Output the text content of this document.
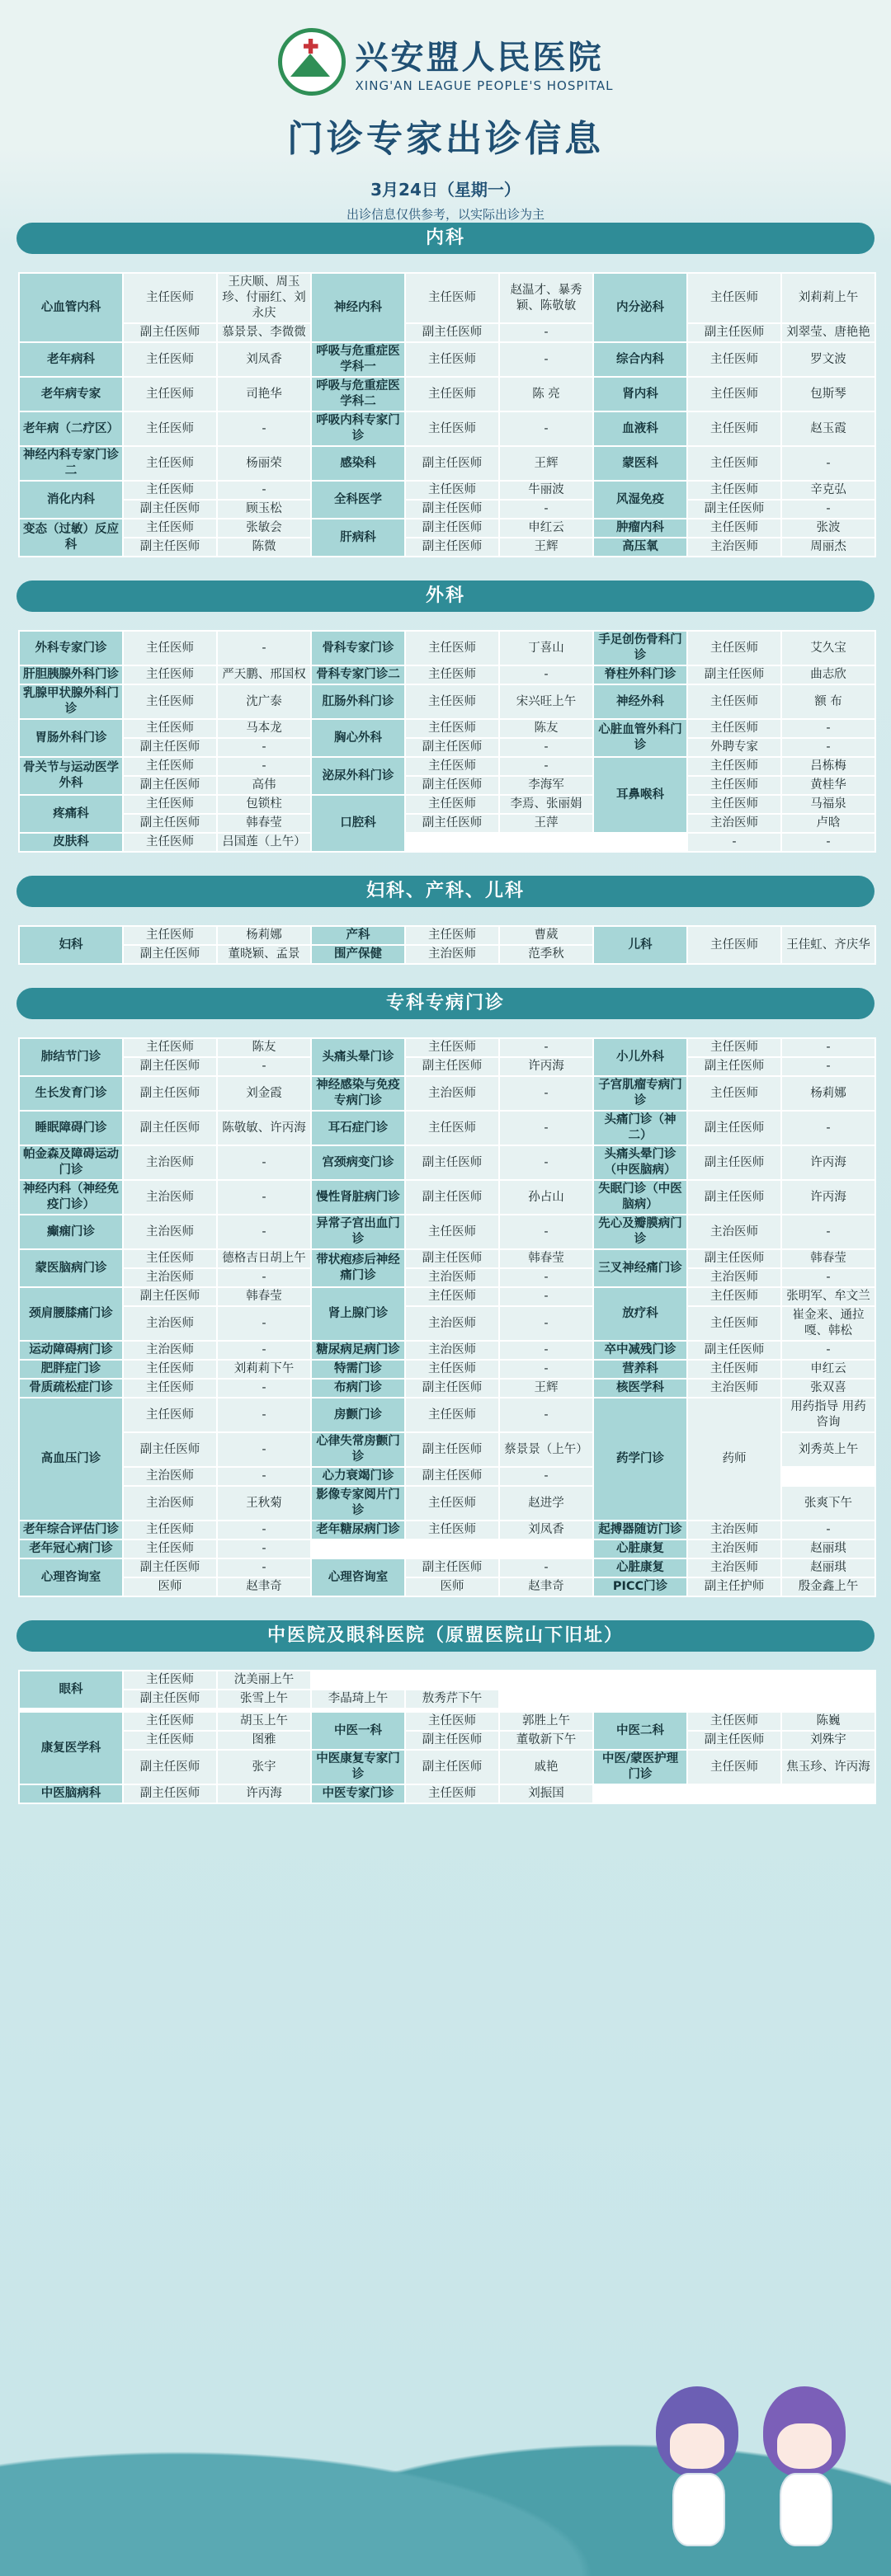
兴安盟人民医院
XING'AN LEAGUE PEOPLE'S HOSPITAL
门诊专家出诊信息
3月24日（星期一）
出诊信息仅供参考，以实际出诊为主
内科
心血管内科	主任医师	王庆顺、周玉珍、付丽红、刘永庆	神经内科	主任医师	赵温才、暴秀颖、陈敬敏	内分泌科	主任医师	刘莉莉上午
	副主任医师	慕景景、李微微		副主任医师	-		副主任医师	刘翠莹、唐艳艳
老年病科	主任医师	刘凤香	呼吸与危重症医学科一	主任医师	-	综合内科	主任医师	罗文波
老年病专家	主任医师	司艳华	呼吸与危重症医学科二	主任医师	陈 亮	肾内科	主任医师	包斯琴
老年病（二疗区）	主任医师	-	呼吸内科专家门诊	主任医师	-	血液科	主任医师	赵玉霞
神经内科专家门诊二	主任医师	杨丽荣	感染科	副主任医师	王辉	蒙医科	主任医师	-
消化内科	主任医师	-	全科医学	主任医师	牛丽波	风湿免疫	主任医师	辛克弘
	副主任医师	顾玉松		副主任医师	-		副主任医师	-
变态（过敏）反应科	主任医师	张敏会	肝病科	副主任医师	申红云	肿瘤内科	主任医师	张波
	副主任医师	陈微		副主任医师	王辉	高压氧	主治医师	周丽杰
外科
外科专家门诊	主任医师	-	骨科专家门诊	主任医师	丁喜山	手足创伤骨科门诊	主任医师	艾久宝
肝胆胰腺外科门诊	主任医师	严天鹏、邢国权	骨科专家门诊二	主任医师	-	脊柱外科门诊	副主任医师	曲志欣
乳腺甲状腺外科门诊	主任医师	沈广泰	肛肠外科门诊	主任医师	宋兴旺上午	神经外科	主任医师	额 布
胃肠外科门诊	主任医师	马本龙	胸心外科	主任医师	陈友	心脏血管外科门诊	主任医师	-
	副主任医师	-		副主任医师	-		外聘专家	-
骨关节与运动医学外科	主任医师	-	泌尿外科门诊	主任医师	-	耳鼻喉科	主任医师	吕栋梅
	副主任医师	高伟		副主任医师	李海军		主任医师	黄桂华
疼痛科	主任医师	包锁柱	口腔科	主任医师	李焉、张丽娟		主任医师	马福泉
	副主任医师	韩春莹		副主任医师	王萍		主治医师	卢晗
皮肤科	主任医师	吕国莲（上午）					-	-
妇科、产科、儿科
妇科	主任医师	杨莉娜	产科	主任医师	曹葳	儿科	主任医师	王佳虹、齐庆华
	副主任医师	董晓颖、孟景	围产保健	主治医师	范季秋			
专科专病门诊
肺结节门诊	主任医师	陈友	头痛头晕门诊	主任医师	-	小儿外科	主任医师	-
	副主任医师	-		副主任医师	许丙海		副主任医师	-
生长发育门诊	副主任医师	刘金霞	神经感染与免疫专病门诊	主治医师	-	子宫肌瘤专病门诊	主任医师	杨莉娜
睡眠障碍门诊	副主任医师	陈敬敏、许丙海	耳石症门诊	主任医师	-	头痛门诊（神二）	副主任医师	-
帕金森及障碍运动门诊	主治医师	-	宫颈病变门诊	副主任医师	-	头痛头晕门诊（中医脑病）	副主任医师	许丙海
神经内科（神经免疫门诊）	主治医师	-	慢性肾脏病门诊	副主任医师	孙占山	失眠门诊（中医脑病）	副主任医师	许丙海
癫痫门诊	主治医师	-	异常子宫出血门诊	主任医师	-	先心及瓣膜病门诊	主治医师	-
蒙医脑病门诊	主任医师	德格吉日胡上午	带状疱疹后神经痛门诊	副主任医师	韩春莹	三叉神经痛门诊	副主任医师	韩春莹
	主治医师	-		主治医师	-		主治医师	-
颈肩腰膝痛门诊	副主任医师	韩春莹	肾上腺门诊	主任医师	-	放疗科	主任医师	张明军、牟文兰
	主治医师	-		主治医师	-		主任医师	崔金来、通拉嘎、韩松
运动障碍病门诊	主治医师	-	糖尿病足病门诊	主治医师	-	卒中减残门诊	副主任医师	-
肥胖症门诊	主任医师	刘莉莉下午	特需门诊	主任医师	-	营养科	主任医师	申红云
骨质疏松症门诊	主任医师	-	布病门诊	副主任医师	王辉	核医学科	主治医师	张双喜
高血压门诊	主任医师	-	房颤门诊	主任医师	-	药学门诊	药师	用药指导 用药咨询
	副主任医师	-	心律失常房颤门诊	副主任医师	蔡景景（上午）			刘秀英上午
	主治医师	-	心力衰竭门诊	副主任医师	-			
	主治医师	王秋菊	影像专家阅片门诊	主任医师	赵进学			张爽下午
老年综合评估门诊	主任医师	-	老年糖尿病门诊	主任医师	刘凤香	起搏器随访门诊	主治医师	-
老年冠心病门诊	主任医师	-				心脏康复	主治医师	赵丽琪
心理咨询室	副主任医师	-	心理咨询室	副主任医师	-	心脏康复	主治医师	赵丽琪
	医师	赵聿奇		医师	赵聿奇	PICC门诊	副主任护师	殷金鑫上午
中医院及眼科医院（原盟医院山下旧址）
眼科	主任医师	沈美丽上午						
	副主任医师	张雪上午	李晶琦上午	敖秀芹下午				

康复医学科	主任医师	胡玉上午	中医一科	主任医师	郭胜上午	中医二科	主任医师	陈巍
	主任医师	图雅		副主任医师	董敬新下午		副主任医师	刘殊宇
	副主任医师	张宇	中医康复专家门诊	副主任医师	戚艳	中医/蒙医护理门诊	主任医师	焦玉珍、许丙海
中医脑病科	副主任医师	许丙海	中医专家门诊	主任医师	刘振国			
